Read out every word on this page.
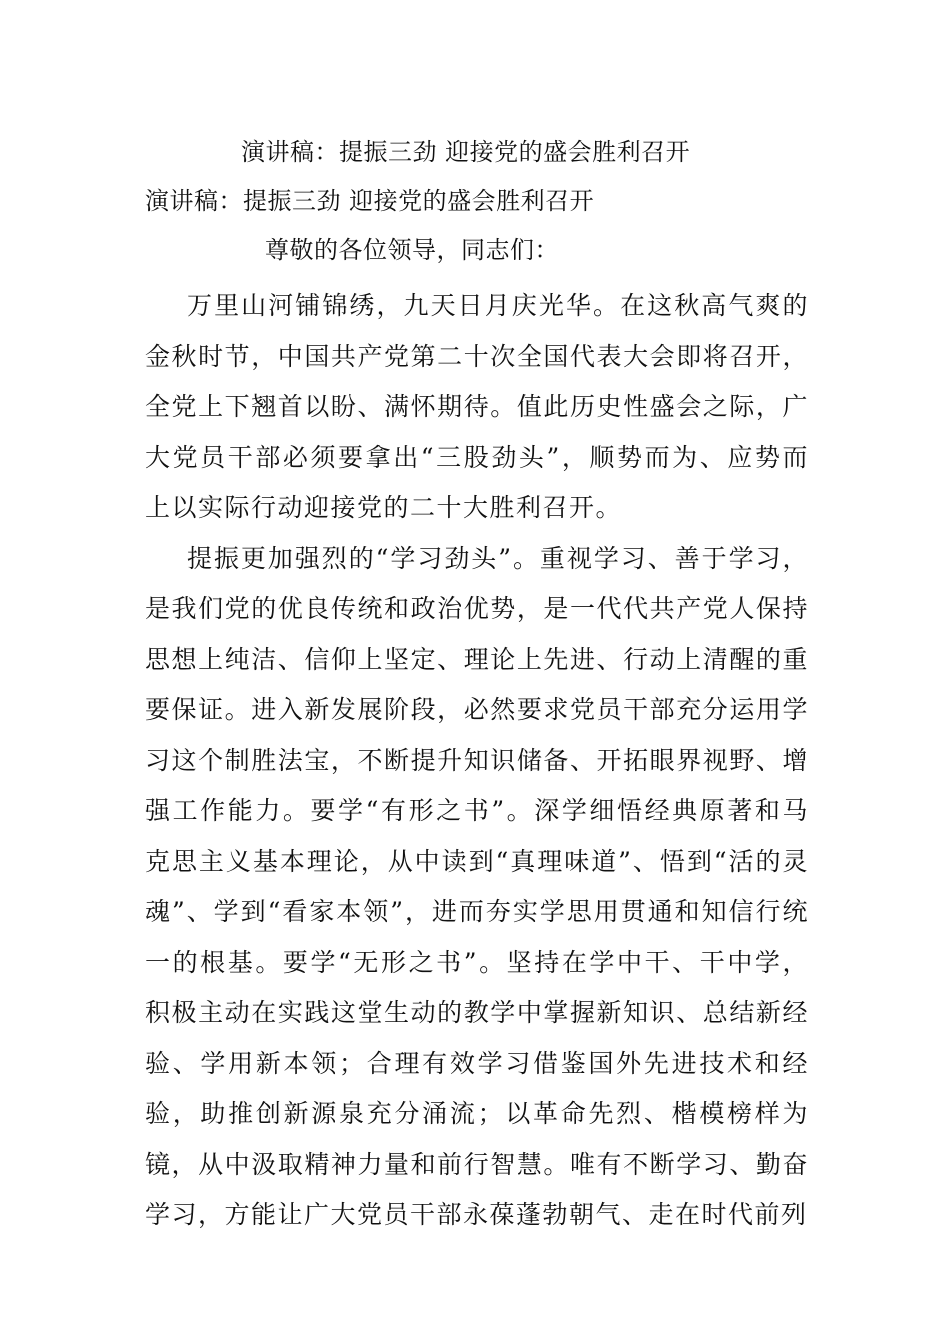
演讲稿：提振三劲 迎接党的盛会胜利召开
演讲稿：提振三劲 迎接党的盛会胜利召开
尊敬的各位领导，同志们：

万里山河铺锦绣，九天日月庆光华。在这秋高气爽的金秋时节，中国共产党第二十次全国代表大会即将召开，全党上下翘首以盼、满怀期待。值此历史性盛会之际，广大党员干部必须要拿出“三股劲头”，顺势而为、应势而上以实际行动迎接党的二十大胜利召开。

提振更加强烈的“学习劲头”。重视学习、善于学习，是我们党的优良传统和政治优势，是一代代共产党人保持思想上纯洁、信仰上坚定、理论上先进、行动上清醒的重要保证。进入新发展阶段，必然要求党员干部充分运用学习这个制胜法宝，不断提升知识储备、开拓眼界视野、增强工作能力。要学“有形之书”。深学细悟经典原著和马克思主义基本理论，从中读到“真理味道”、悟到“活的灵魂”、学到“看家本领”，进而夯实学思用贯通和知信行统一的根基。要学“无形之书”。坚持在学中干、干中学，积极主动在实践这堂生动的教学中掌握新知识、总结新经验、学用新本领；合理有效学习借鉴国外先进技术和经验，助推创新源泉充分涌流；以革命先烈、楷模榜样为镜，从中汲取精神力量和前行智慧。唯有不断学习、勤奋学习，方能让广大党员干部永葆蓬勃朝气、走在时代前列
